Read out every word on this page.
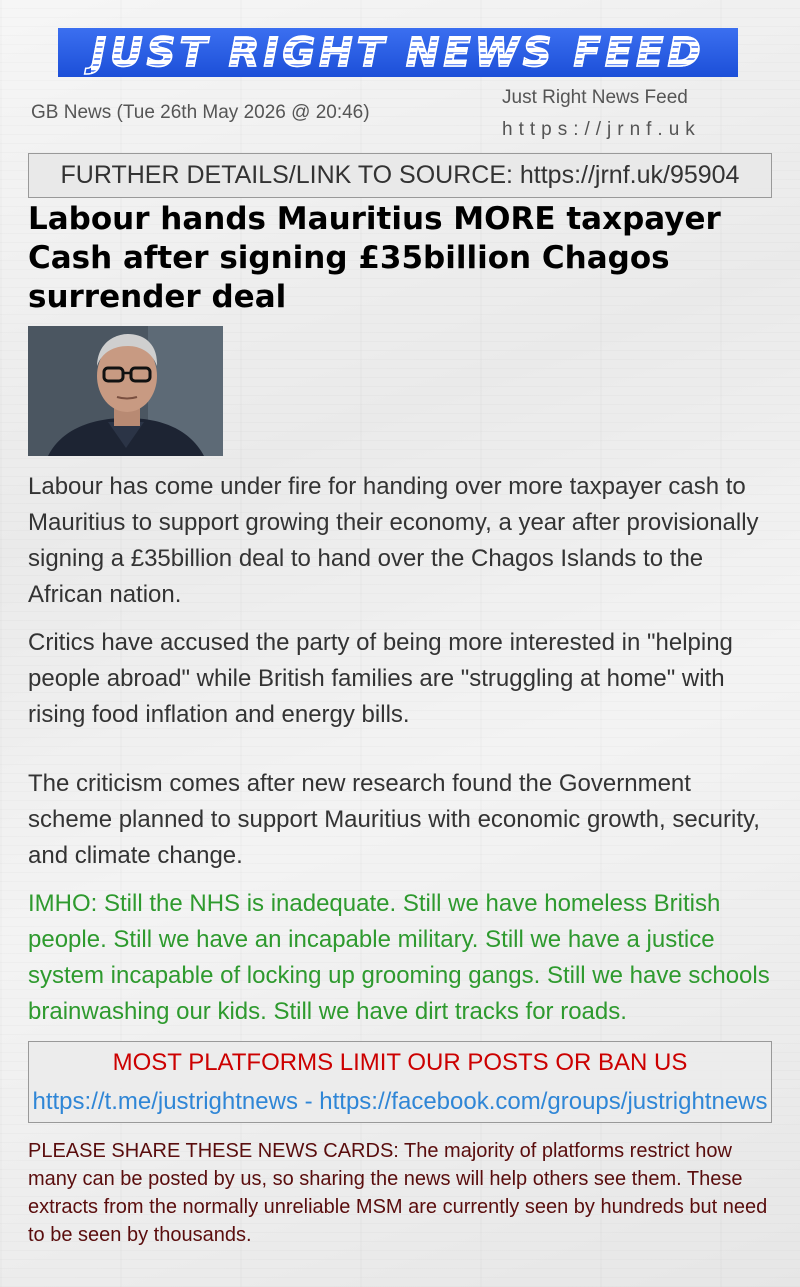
JUST RIGHT NEWS FEED
GB News (Tue 26th May 2026 @ 20:46)
Just Right News Feed
https://jrnf.uk
FURTHER DETAILS/LINK TO SOURCE: https://jrnf.uk/95904
Labour hands Mauritius MORE taxpayer Cash after signing £35billion Chagos surrender deal

Labour has come under fire for handing over more taxpayer cash to Mauritius to support growing their economy, a year after provisionally signing a £35billion deal to hand over the Chagos Islands to the African nation.

Critics have accused the party of being more interested in "helping people abroad" while British families are "struggling at home" with rising food inflation and energy bills.

The criticism comes after new research found the Government scheme planned to support Mauritius with economic growth, security, and climate change.

IMHO: Still the NHS is inadequate. Still we have homeless British people. Still we have an incapable military. Still we have a justice system incapable of locking up grooming gangs. Still we have schools brainwashing our kids. Still we have dirt tracks for roads.

MOST PLATFORMS LIMIT OUR POSTS OR BAN US
https://t.me/justrightnews - https://facebook.com/groups/justrightnews

PLEASE SHARE THESE NEWS CARDS: The majority of platforms restrict how many can be posted by us, so sharing the news will help others see them. These extracts from the normally unreliable MSM are currently seen by hundreds but need to be seen by thousands.
